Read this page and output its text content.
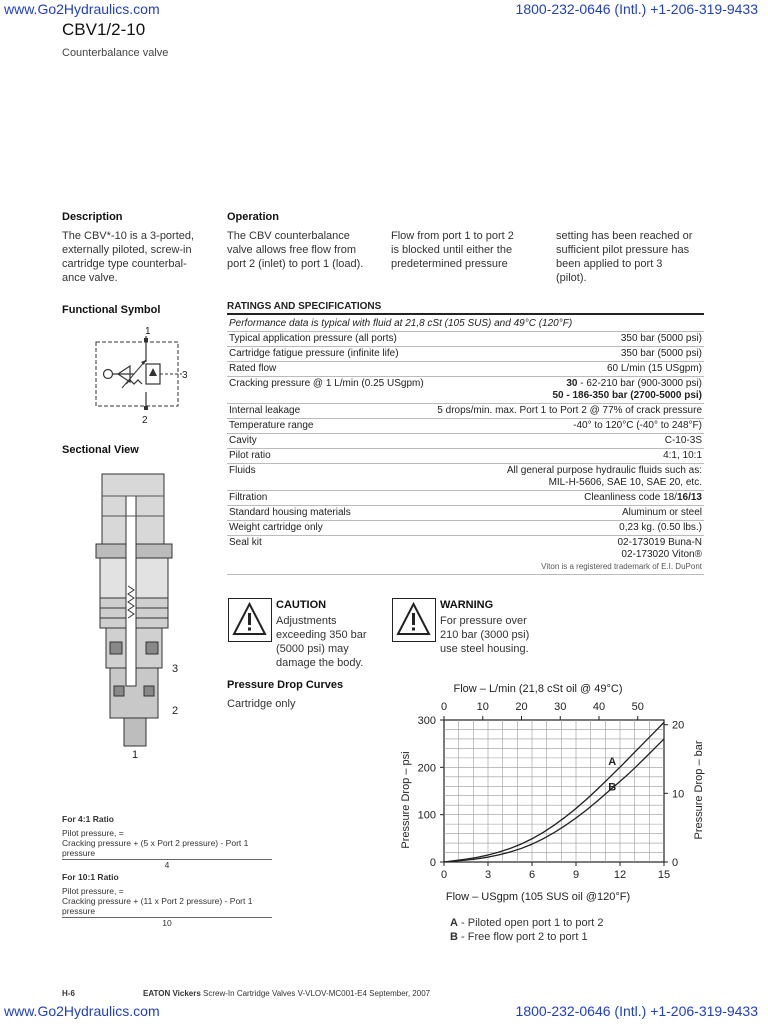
www.Go2Hydraulics.com	1800-232-0646 (Intl.) +1-206-319-9433
CBV1/2-10
Counterbalance valve
Description
The CBV*-10 is a 3-ported,
externally piloted, screw-in
cartridge type counterbal-
ance valve.
Operation
The CBV counterbalance
valve allows free flow from
port 2 (inlet) to port 1 (load).
Flow from port 1 to port 2
is blocked until either the
predetermined pressure
setting has been reached or
sufficient pilot pressure has
been applied to port 3
(pilot).
Functional Symbol
1
2
3
Sectional View
3
2
1
RATINGS AND SPECIFICATIONS
Performance data is typical with fluid at 21,8 cSt (105 SUS) and 49°C (120°F)	
Typical application pressure (all ports)	350 bar (5000 psi)
Cartridge fatigue pressure (infinite life)	350 bar (5000 psi)
Rated flow	60 L/min (15 USgpm)
Cracking pressure @ 1 L/min (0.25 USgpm)	30 - 62-210 bar (900-3000 psi)
50 - 186-350 bar (2700-5000 psi)

Internal leakage	5 drops/min. max. Port 1 to Port 2 @ 77% of crack pressure
Temperature range	-40° to 120°C (-40° to 248°F)
Cavity	C-10-3S
Pilot ratio	4:1, 10:1
Fluids	All general purpose hydraulic fluids such as:
MIL-H-5606, SAE 10, SAE 20, etc.

Filtration	Cleanliness code 18/16/13
Standard housing materials	Aluminum or steel
Weight cartridge only	0,23 kg. (0.50 lbs.)
Seal kit	02-173019 Buna-N
02-173020 Viton®
Viton is a registered trademark of E.I. DuPont
CAUTION
Adjustments
exceeding 350 bar
(5000 psi) may
damage the body.
WARNING
For pressure over
210 bar (3000 psi)
use steel housing.
Pressure Drop Curves
Cartridge only
0	3	6	9	12	15
0	10 20 30 40 50
0
100
200
300
0
10
20
A
B
Flow – L/min (21,8 cSt oil @ 49°C)
Flow – USgpm (105 SUS oil @120°F)
Pressure Drop – psi	Pressure Drop – bar
A - Piloted open port 1 to port 2
B - Free flow port 2 to port 1
For 4:1 Ratio
Pilot pressure, =
Cracking pressure + (5 x Port 2 pressure) - Port 1 pressure
4
For 10:1 Ratio
Pilot pressure, =
Cracking pressure + (11 x Port 2 pressure) - Port 1 pressure
10
H-6	EATON Vickers Screw-In Cartridge Valves V-VLOV-MC001-E4 September, 2007
www.Go2Hydraulics.com	1800-232-0646 (Intl.) +1-206-319-9433
